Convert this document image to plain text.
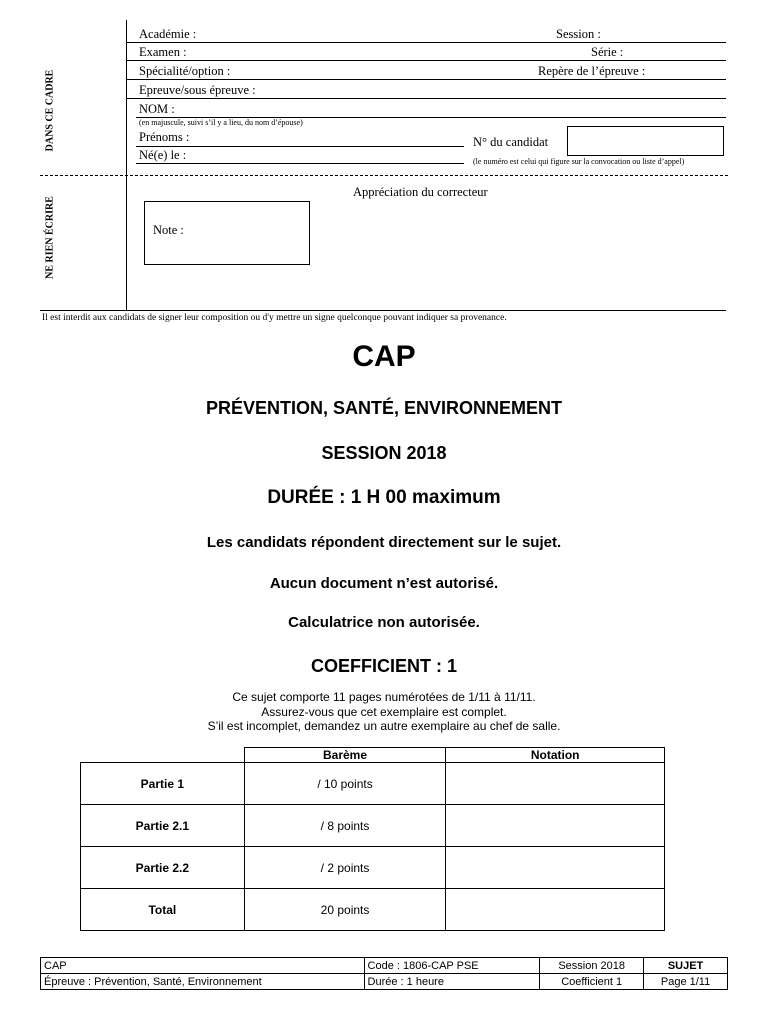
DANS CE CADRE
NE RIEN ÉCRIRE
Académie :	Session :
Examen :	Série :
Spécialité/option :	Repère de l’épreuve :
Epreuve/sous épreuve :
NOM :
(en majuscule, suivi s’il y a lieu, du nom d’épouse)
Prénoms :	N° du candidat
(le numéro est celui qui figure sur la convocation ou liste d’appel)
Né(e) le :
Appréciation du correcteur
Note :
Il est interdit aux candidats de signer leur composition ou d'y mettre un signe quelconque pouvant indiquer sa provenance.
CAP
PRÉVENTION, SANTÉ, ENVIRONNEMENT
SESSION 2018
DURÉE : 1 H 00 maximum
Les candidats répondent directement sur le sujet.
Aucun document n’est autorisé.
Calculatrice non autorisée.
COEFFICIENT : 1
Ce sujet comporte 11 pages numérotées de 1/11 à 11/11.
Assurez-vous que cet exemplaire est complet.
S’il est incomplet, demandez un autre exemplaire au chef de salle.
	Barème	Notation
Partie 1	/ 10 points	
Partie 2.1	/ 8 points	
Partie 2.2	/ 2 points	
Total	20 points	
CAP	Code : 1806-CAP PSE	Session 2018	SUJET
Épreuve : Prévention, Santé, Environnement	Durée : 1 heure	Coefficient 1	Page 1/11
